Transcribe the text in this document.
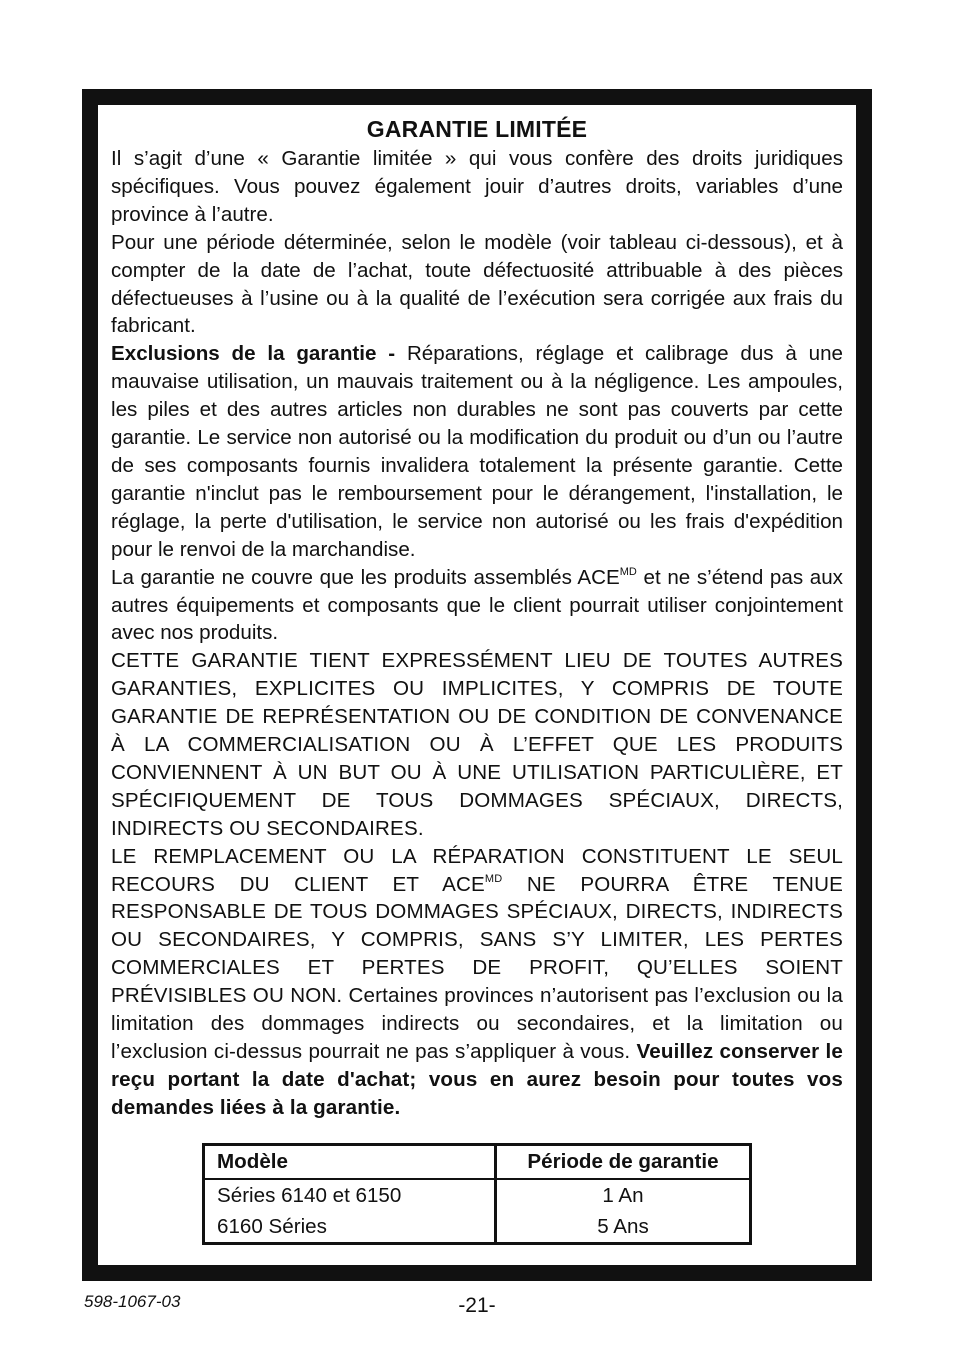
GARANTIE LIMITÉE

Il s’agit d’une « Garantie limitée » qui vous confère des droits juridiques spécifiques. Vous pouvez également jouir d’autres droits, variables d’une province à l’autre.

Pour une période déterminée, selon le modèle (voir tableau ci-dessous), et à compter de la date de l’achat, toute défectuosité attribuable à des pièces défectueuses à l’usine ou à la qualité de l’exécution sera corrigée aux frais du fabricant.

Exclusions de la garantie - Réparations, réglage et calibrage dus à une mauvaise utilisation, un mauvais traitement ou à la négligence. Les ampoules, les piles et des autres articles non durables ne sont pas couverts par cette garantie. Le service non autorisé ou la modification du produit ou d’un ou l’autre de ses composants fournis invalidera totalement la présente garantie. Cette garantie n'inclut pas le remboursement pour le dérangement, l'installation, le réglage, la perte d'utilisation, le service non autorisé ou les frais d'expédition pour le renvoi de la marchandise.

La garantie ne couvre que les produits assemblés $ACE^{MD}$ et ne s’étend pas aux autres équipements et composants que le client pourrait utiliser conjointement avec nos produits.

CETTE GARANTIE TIENT EXPRESSÉMENT LIEU DE TOUTES AUTRES GARANTIES, EXPLICITES OU IMPLICITES, Y COMPRIS DE TOUTE GARANTIE DE REPRÉSENTATION OU DE CONDITION DE CONVENANCE À LA COMMERCIALISATION OU À L’EFFET QUE LES PRODUITS CONVIENNENT À UN BUT OU À UNE UTILISATION PARTICULIÈRE, ET SPÉCIFIQUEMENT DE TOUS DOMMAGES SPÉCIAUX, DIRECTS, INDIRECTS OU SECONDAIRES.

LE REMPLACEMENT OU LA RÉPARATION CONSTITUENT LE SEUL RECOURS DU CLIENT ET $ACE^{MD}$ NE POURRA ÊTRE TENUE RESPONSABLE DE TOUS DOMMAGES SPÉCIAUX, DIRECTS, INDIRECTS OU SECONDAIRES, Y COMPRIS, SANS S’Y LIMITER, LES PERTES COMMERCIALES ET PERTES DE PROFIT, QU’ELLES SOIENT PRÉVISIBLES OU NON. Certaines provinces n’autorisent pas l’exclusion ou la limitation des dommages indirects ou secondaires, et la limitation ou l’exclusion ci-dessus pourrait ne pas s’appliquer à vous. Veuillez conserver le reçu portant la date d'achat; vous en aurez besoin pour toutes vos demandes liées à la garantie.

Modèle	Période de garantie
Séries 6140 et 6150	1 An
6160 Séries	5 Ans
598-1067-03	-21-
